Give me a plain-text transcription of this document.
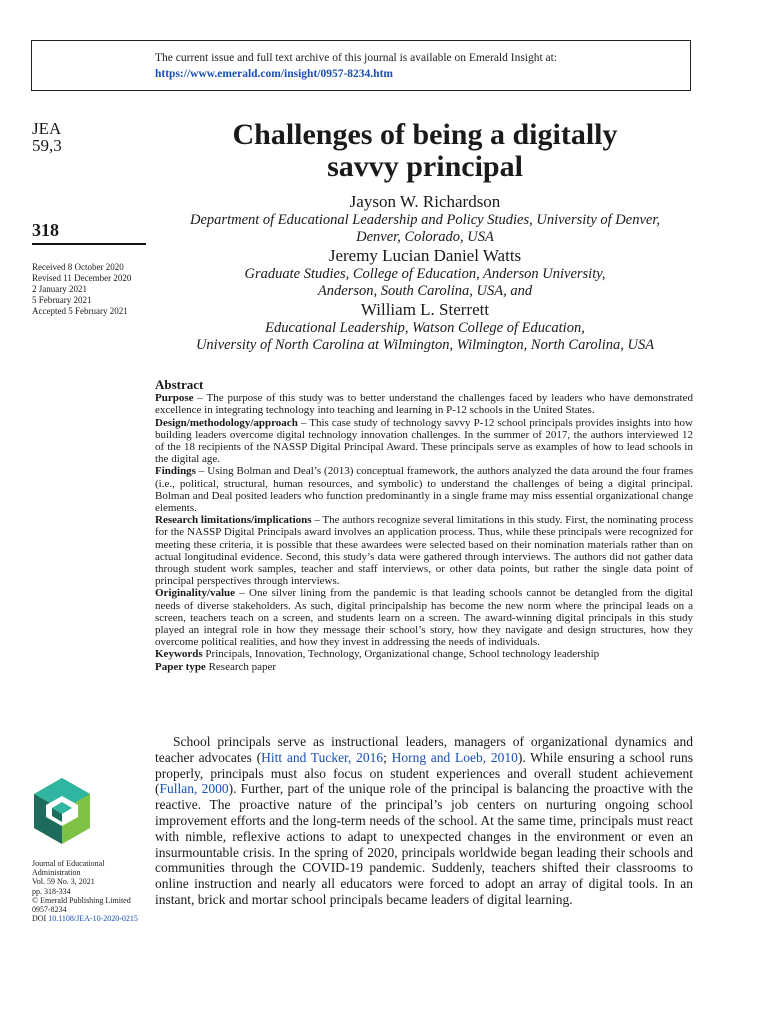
The current issue and full text archive of this journal is available on Emerald Insight at:
https://www.emerald.com/insight/0957-8234.htm
JEA
59,3
318
Received 8 October 2020
Revised 11 December 2020
2 January 2021
5 February 2021
Accepted 5 February 2021
Challenges of being a digitally
savvy principal
Jayson W. Richardson
Department of Educational Leadership and Policy Studies, University of Denver,
Denver, Colorado, USA
Jeremy Lucian Daniel Watts
Graduate Studies, College of Education, Anderson University,
Anderson, South Carolina, USA, and
William L. Sterrett
Educational Leadership, Watson College of Education,
University of North Carolina at Wilmington, Wilmington, North Carolina, USA
Abstract

Purpose – The purpose of this study was to better understand the challenges faced by leaders who have demonstrated excellence in integrating technology into teaching and learning in P-12 schools in the United States.

Design/methodology/approach – This case study of technology savvy P-12 school principals provides insights into how building leaders overcome digital technology innovation challenges. In the summer of 2017, the authors interviewed 12 of the 18 recipients of the NASSP Digital Principal Award. These principals serve as examples of how to lead schools in the digital age.

Findings – Using Bolman and Deal’s (2013) conceptual framework, the authors analyzed the data around the four frames (i.e., political, structural, human resources, and symbolic) to understand the challenges of being a digital principal. Bolman and Deal posited leaders who function predominantly in a single frame may miss essential organizational change elements.

Research limitations/implications – The authors recognize several limitations in this study. First, the nominating process for the NASSP Digital Principals award involves an application process. Thus, while these principals were recognized for meeting these criteria, it is possible that these awardees were selected based on their nomination materials rather than on actual longitudinal evidence. Second, this study’s data were gathered through interviews. The authors did not gather data through student work samples, teacher and staff interviews, or other data points, but rather the single data point of principal perspectives through interviews.

Originality/value – One silver lining from the pandemic is that leading schools cannot be detangled from the digital needs of diverse stakeholders. As such, digital principalship has become the new norm where the principal leads on a screen, teachers teach on a screen, and students learn on a screen. The award-winning digital principals in this study played an integral role in how they message their school’s story, how they navigate and design structures, how they overcome political realities, and how they invest in addressing the needs of individuals.

Keywords Principals, Innovation, Technology, Organizational change, School technology leadership

Paper type Research paper

School principals serve as instructional leaders, managers of organizational dynamics and teacher advocates (Hitt and Tucker, 2016; Horng and Loeb, 2010). While ensuring a school runs properly, principals must also focus on student experiences and overall student achievement (Fullan, 2000). Further, part of the unique role of the principal is balancing the proactive with the reactive. The proactive nature of the principal’s job centers on nurturing ongoing school improvement efforts and the long-term needs of the school. At the same time, principals must react with nimble, reflexive actions to adapt to unexpected changes in the environment or even an insurmountable crisis. In the spring of 2020, principals worldwide began leading their schools and communities through the COVID-19 pandemic. Suddenly, teachers shifted their classrooms to online instruction and nearly all educators were forced to adopt an array of digital tools. In an instant, brick and mortar school principals became leaders of digital learning.

Journal of Educational
Administration
Vol. 59 No. 3, 2021
pp. 318-334
© Emerald Publishing Limited
0957-8234
DOI 10.1108/JEA-10-2020-0215
